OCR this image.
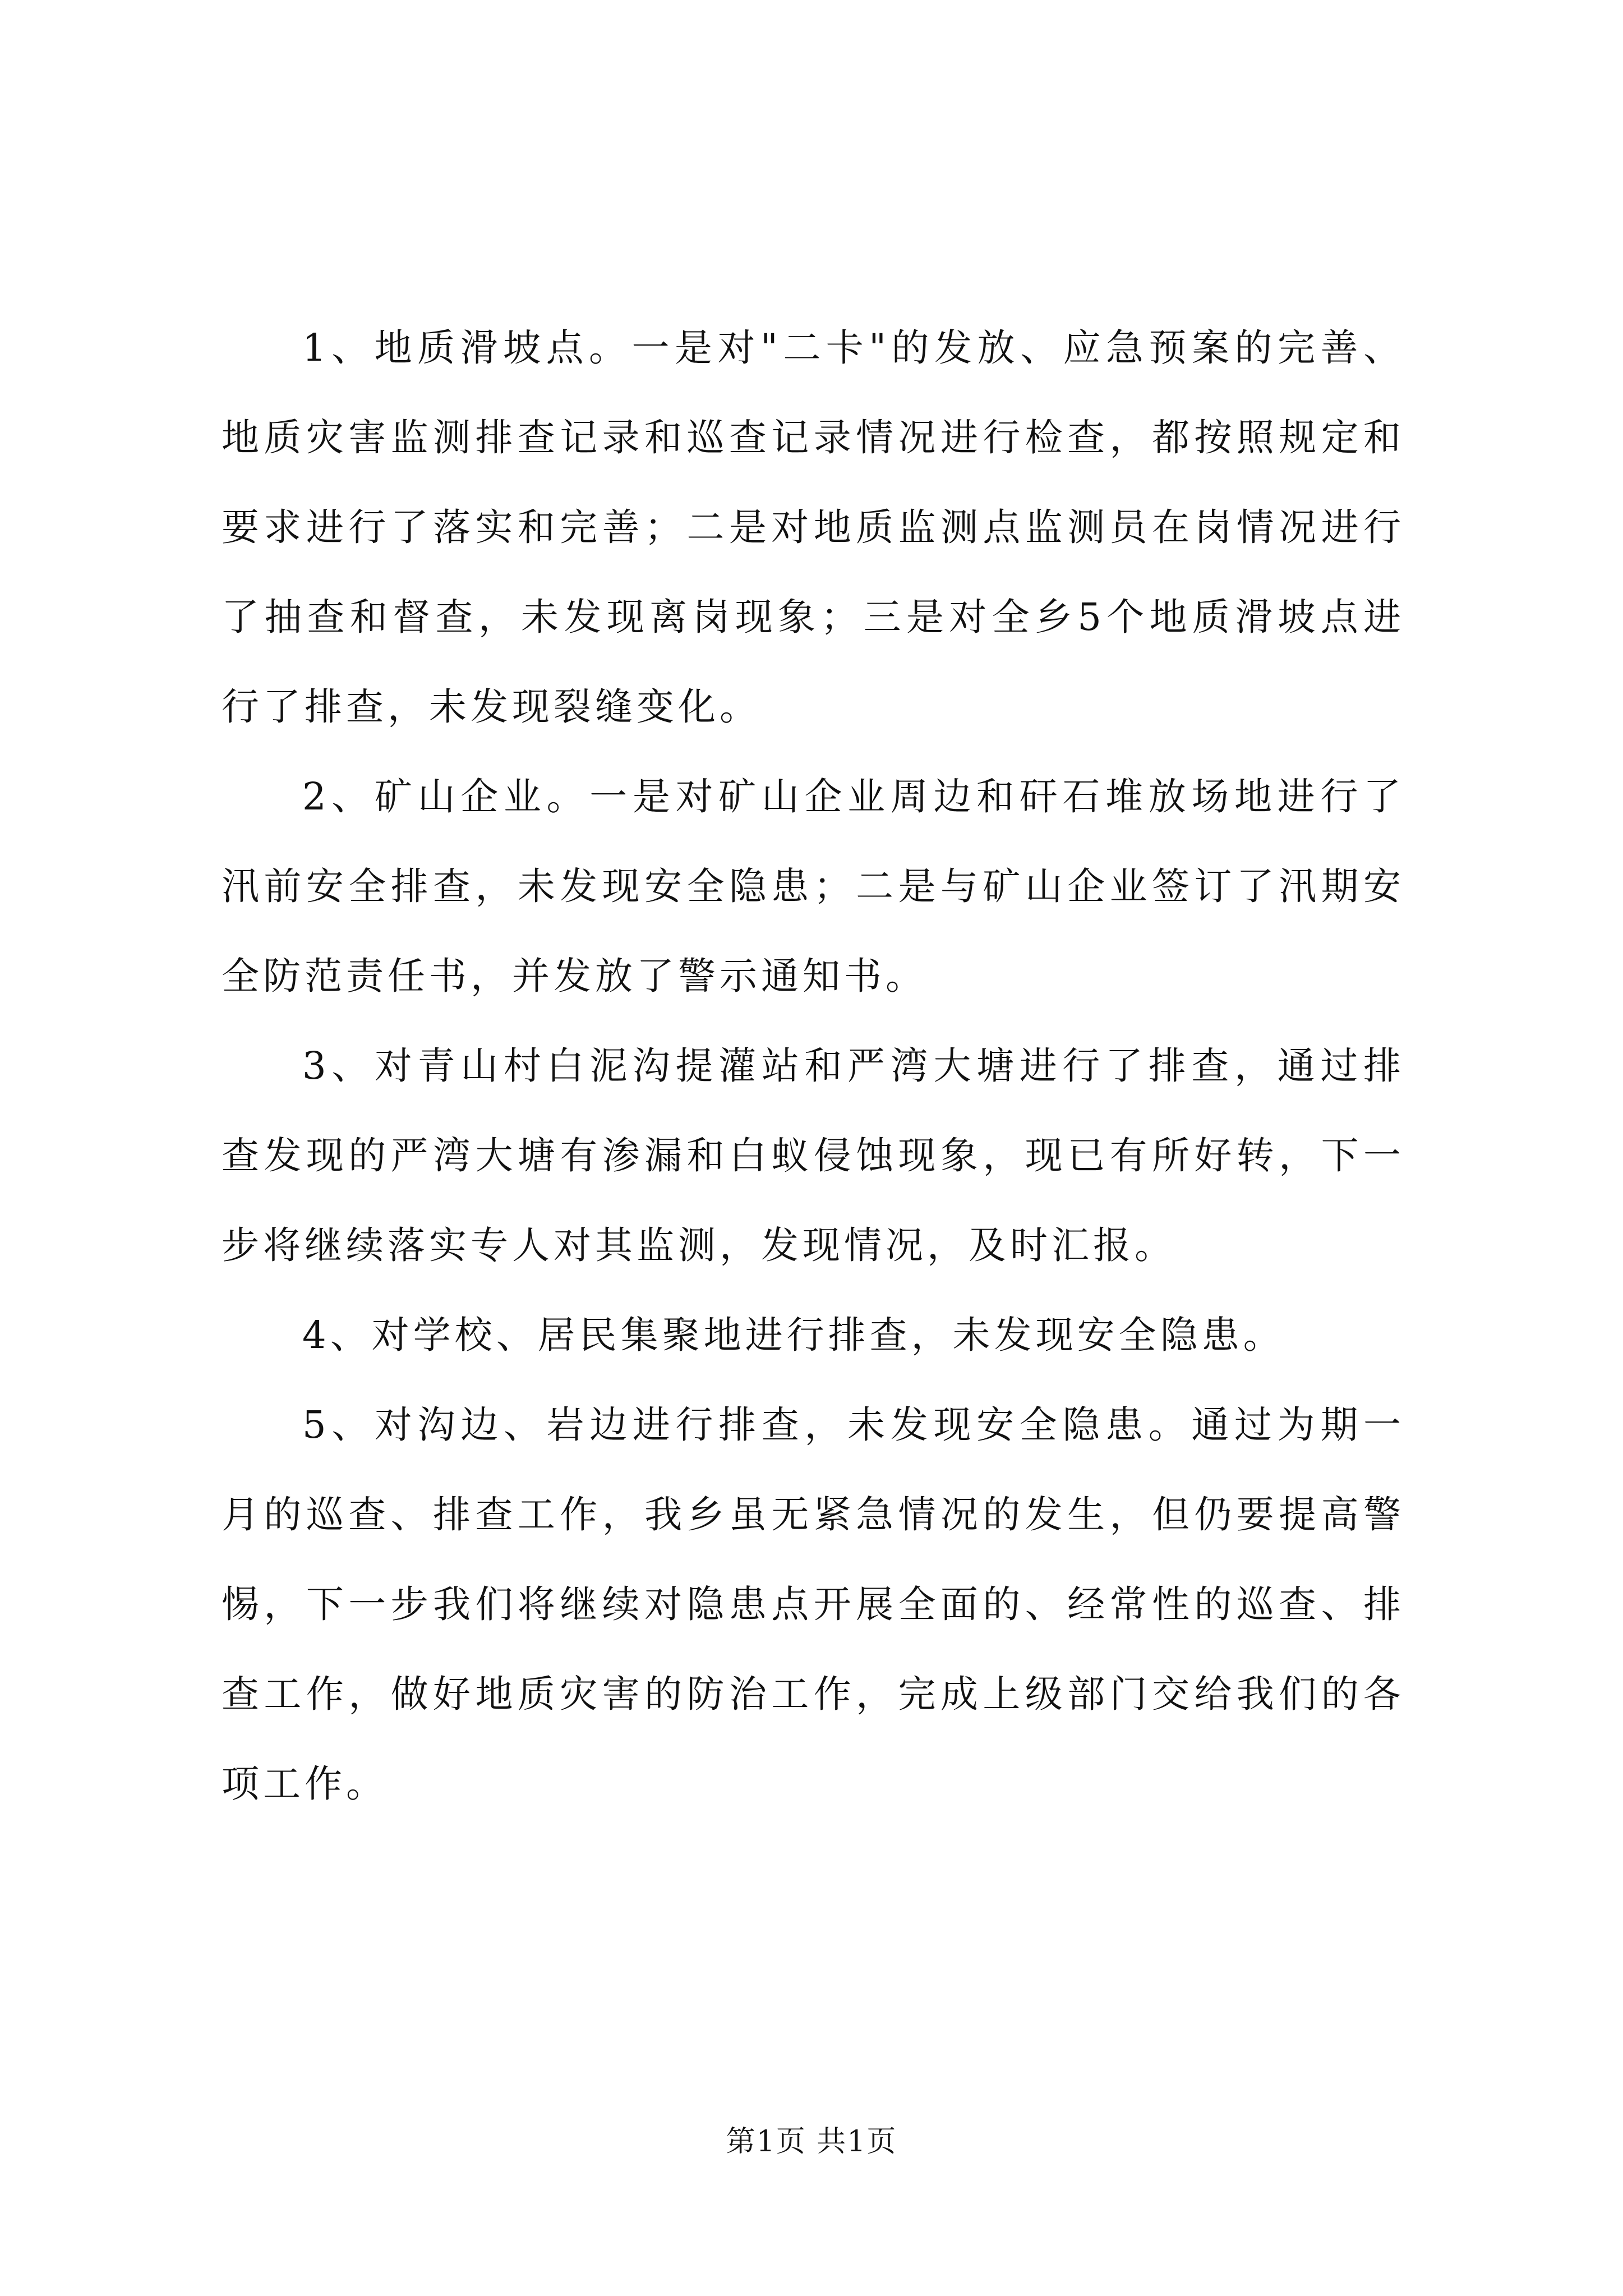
1、地质滑坡点。一是对"二卡"的发放、应急预案的完善、地质灾害监测排查记录和巡查记录情况进行检查，都按照规定和要求进行了落实和完善；二是对地质监测点监测员在岗情况进行了抽查和督查，未发现离岗现象；三是对全乡5个地质滑坡点进行了排查，未发现裂缝变化。

2、矿山企业。一是对矿山企业周边和矸石堆放场地进行了汛前安全排查，未发现安全隐患；二是与矿山企业签订了汛期安全防范责任书，并发放了警示通知书。

3、对青山村白泥沟提灌站和严湾大塘进行了排查，通过排查发现的严湾大塘有渗漏和白蚁侵蚀现象，现已有所好转，下一步将继续落实专人对其监测，发现情况，及时汇报。

4、对学校、居民集聚地进行排查，未发现安全隐患。

5、对沟边、岩边进行排查，未发现安全隐患。通过为期一月的巡查、排查工作，我乡虽无紧急情况的发生，但仍要提高警惕，下一步我们将继续对隐患点开展全面的、经常性的巡查、排查工作，做好地质灾害的防治工作，完成上级部门交给我们的各项工作。

第1页 共1页
